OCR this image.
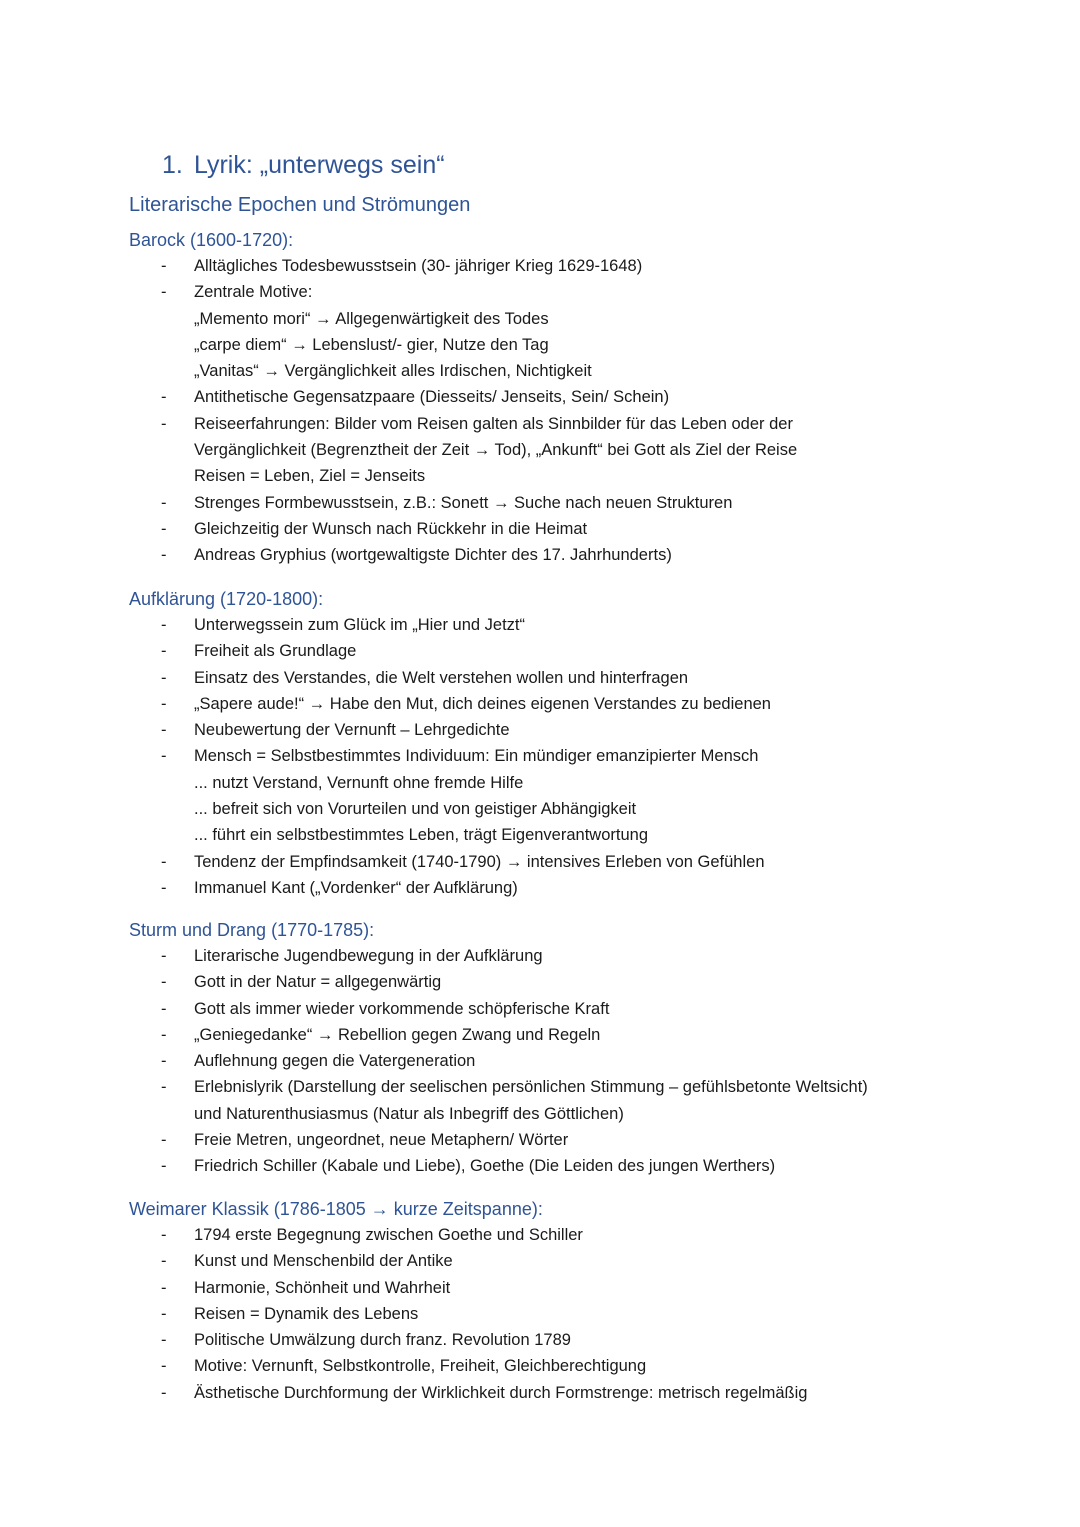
1. Lyrik: „unterwegs sein“
Literarische Epochen und Strömungen
Barock (1600-1720):
- Alltägliches Todesbewusstsein (30- jähriger Krieg 1629-1648)
- Zentrale Motive:
„Memento mori“ → Allgegenwärtigkeit des Todes
„carpe diem“ → Lebenslust/- gier, Nutze den Tag
„Vanitas“ → Vergänglichkeit alles Irdischen, Nichtigkeit
- Antithetische Gegensatzpaare (Diesseits/ Jenseits, Sein/ Schein)
- Reiseerfahrungen: Bilder vom Reisen galten als Sinnbilder für das Leben oder der
Vergänglichkeit (Begrenztheit der Zeit → Tod), „Ankunft“ bei Gott als Ziel der Reise
Reisen = Leben, Ziel = Jenseits
- Strenges Formbewusstsein, z.B.: Sonett → Suche nach neuen Strukturen
- Gleichzeitig der Wunsch nach Rückkehr in die Heimat
- Andreas Gryphius (wortgewaltigste Dichter des 17. Jahrhunderts)
Aufklärung (1720-1800):
- Unterwegssein zum Glück im „Hier und Jetzt“
- Freiheit als Grundlage
- Einsatz des Verstandes, die Welt verstehen wollen und hinterfragen
- „Sapere aude!“ → Habe den Mut, dich deines eigenen Verstandes zu bedienen
- Neubewertung der Vernunft – Lehrgedichte
- Mensch = Selbstbestimmtes Individuum: Ein mündiger emanzipierter Mensch
... nutzt Verstand, Vernunft ohne fremde Hilfe
... befreit sich von Vorurteilen und von geistiger Abhängigkeit
... führt ein selbstbestimmtes Leben, trägt Eigenverantwortung
- Tendenz der Empfindsamkeit (1740-1790) → intensives Erleben von Gefühlen
- Immanuel Kant („Vordenker“ der Aufklärung)
Sturm und Drang (1770-1785):
- Literarische Jugendbewegung in der Aufklärung
- Gott in der Natur = allgegenwärtig
- Gott als immer wieder vorkommende schöpferische Kraft
- „Geniegedanke“ → Rebellion gegen Zwang und Regeln
- Auflehnung gegen die Vatergeneration
- Erlebnislyrik (Darstellung der seelischen persönlichen Stimmung – gefühlsbetonte Weltsicht)
und Naturenthusiasmus (Natur als Inbegriff des Göttlichen)
- Freie Metren, ungeordnet, neue Metaphern/ Wörter
- Friedrich Schiller (Kabale und Liebe), Goethe (Die Leiden des jungen Werthers)
Weimarer Klassik (1786-1805 → kurze Zeitspanne):
- 1794 erste Begegnung zwischen Goethe und Schiller
- Kunst und Menschenbild der Antike
- Harmonie, Schönheit und Wahrheit
- Reisen = Dynamik des Lebens
- Politische Umwälzung durch franz. Revolution 1789
- Motive: Vernunft, Selbstkontrolle, Freiheit, Gleichberechtigung
- Ästhetische Durchformung der Wirklichkeit durch Formstrenge: metrisch regelmäßig
